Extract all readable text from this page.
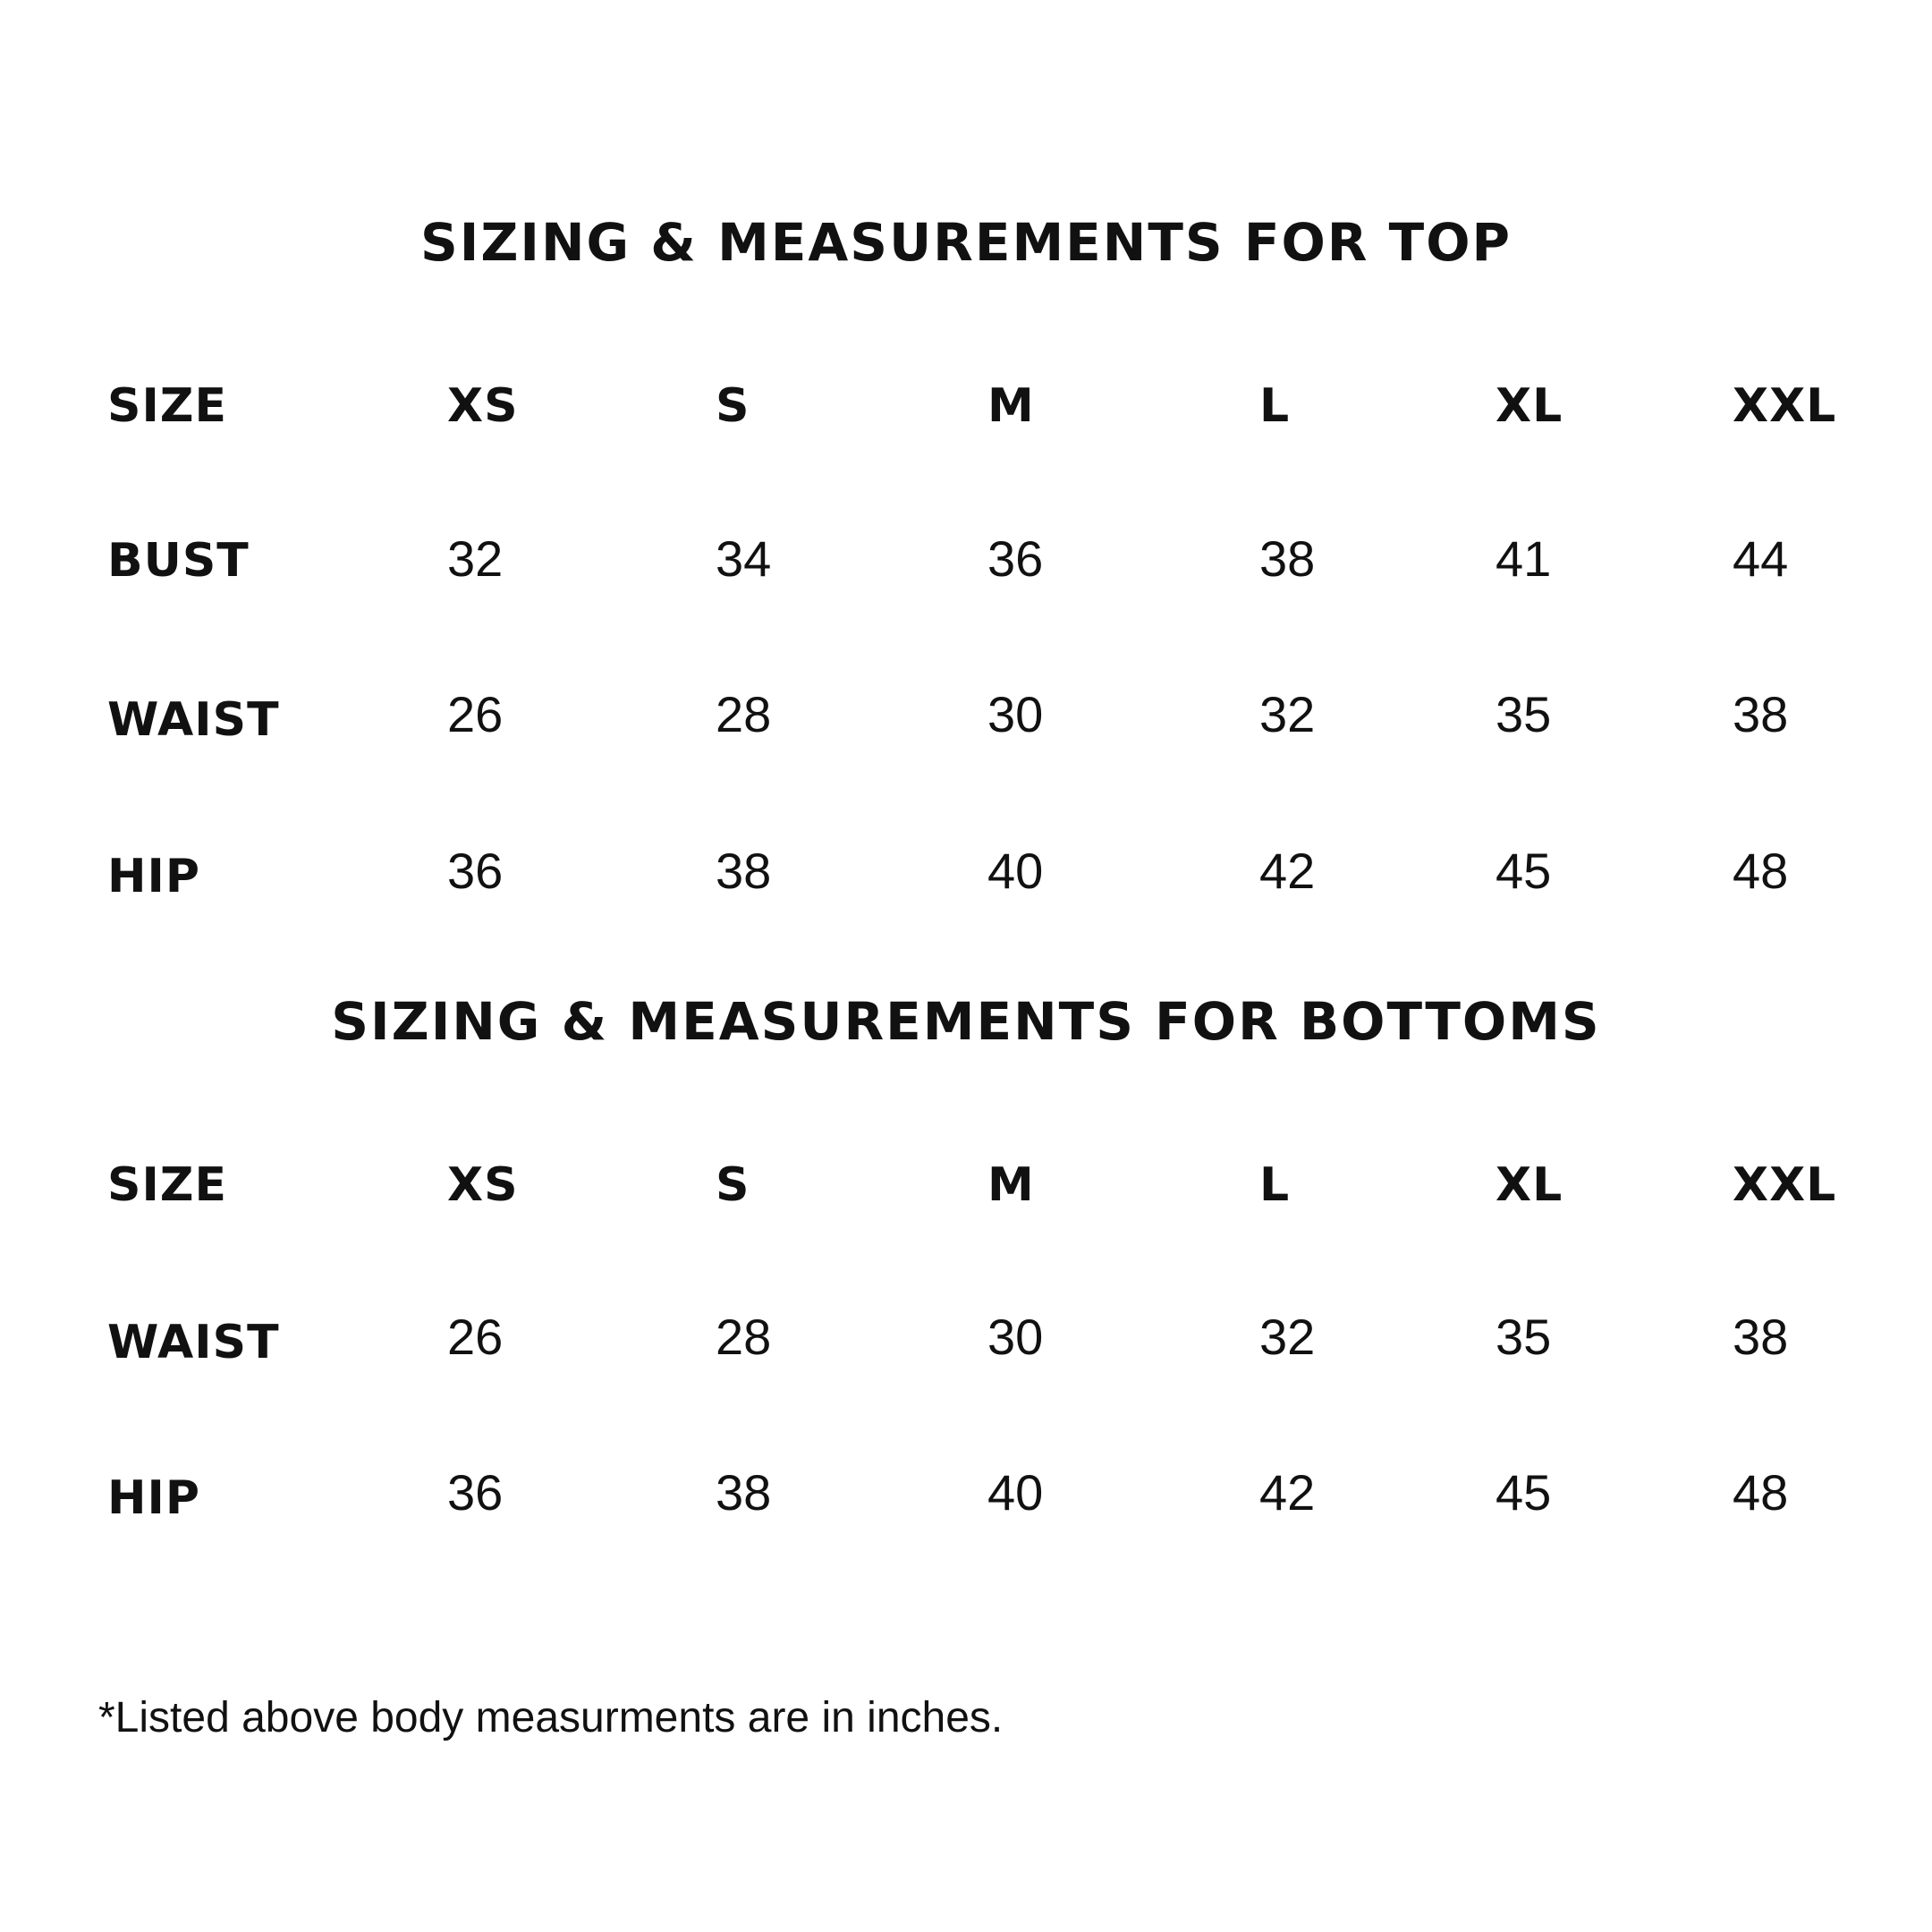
SIZING & MEASUREMENTS FOR TOP
SIZE	XS	S	M	L	XL	XXL
BUST	32	34	36	38	41	44
WAIST	26	28	30	32	35	38
HIP	36	38	40	42	45	48
SIZING & MEASUREMENTS FOR BOTTOMS
SIZE	XS	S	M	L	XL	XXL
WAIST	26	28	30	32	35	38
HIP	36	38	40	42	45	48
*Listed above body measurments are in inches.
